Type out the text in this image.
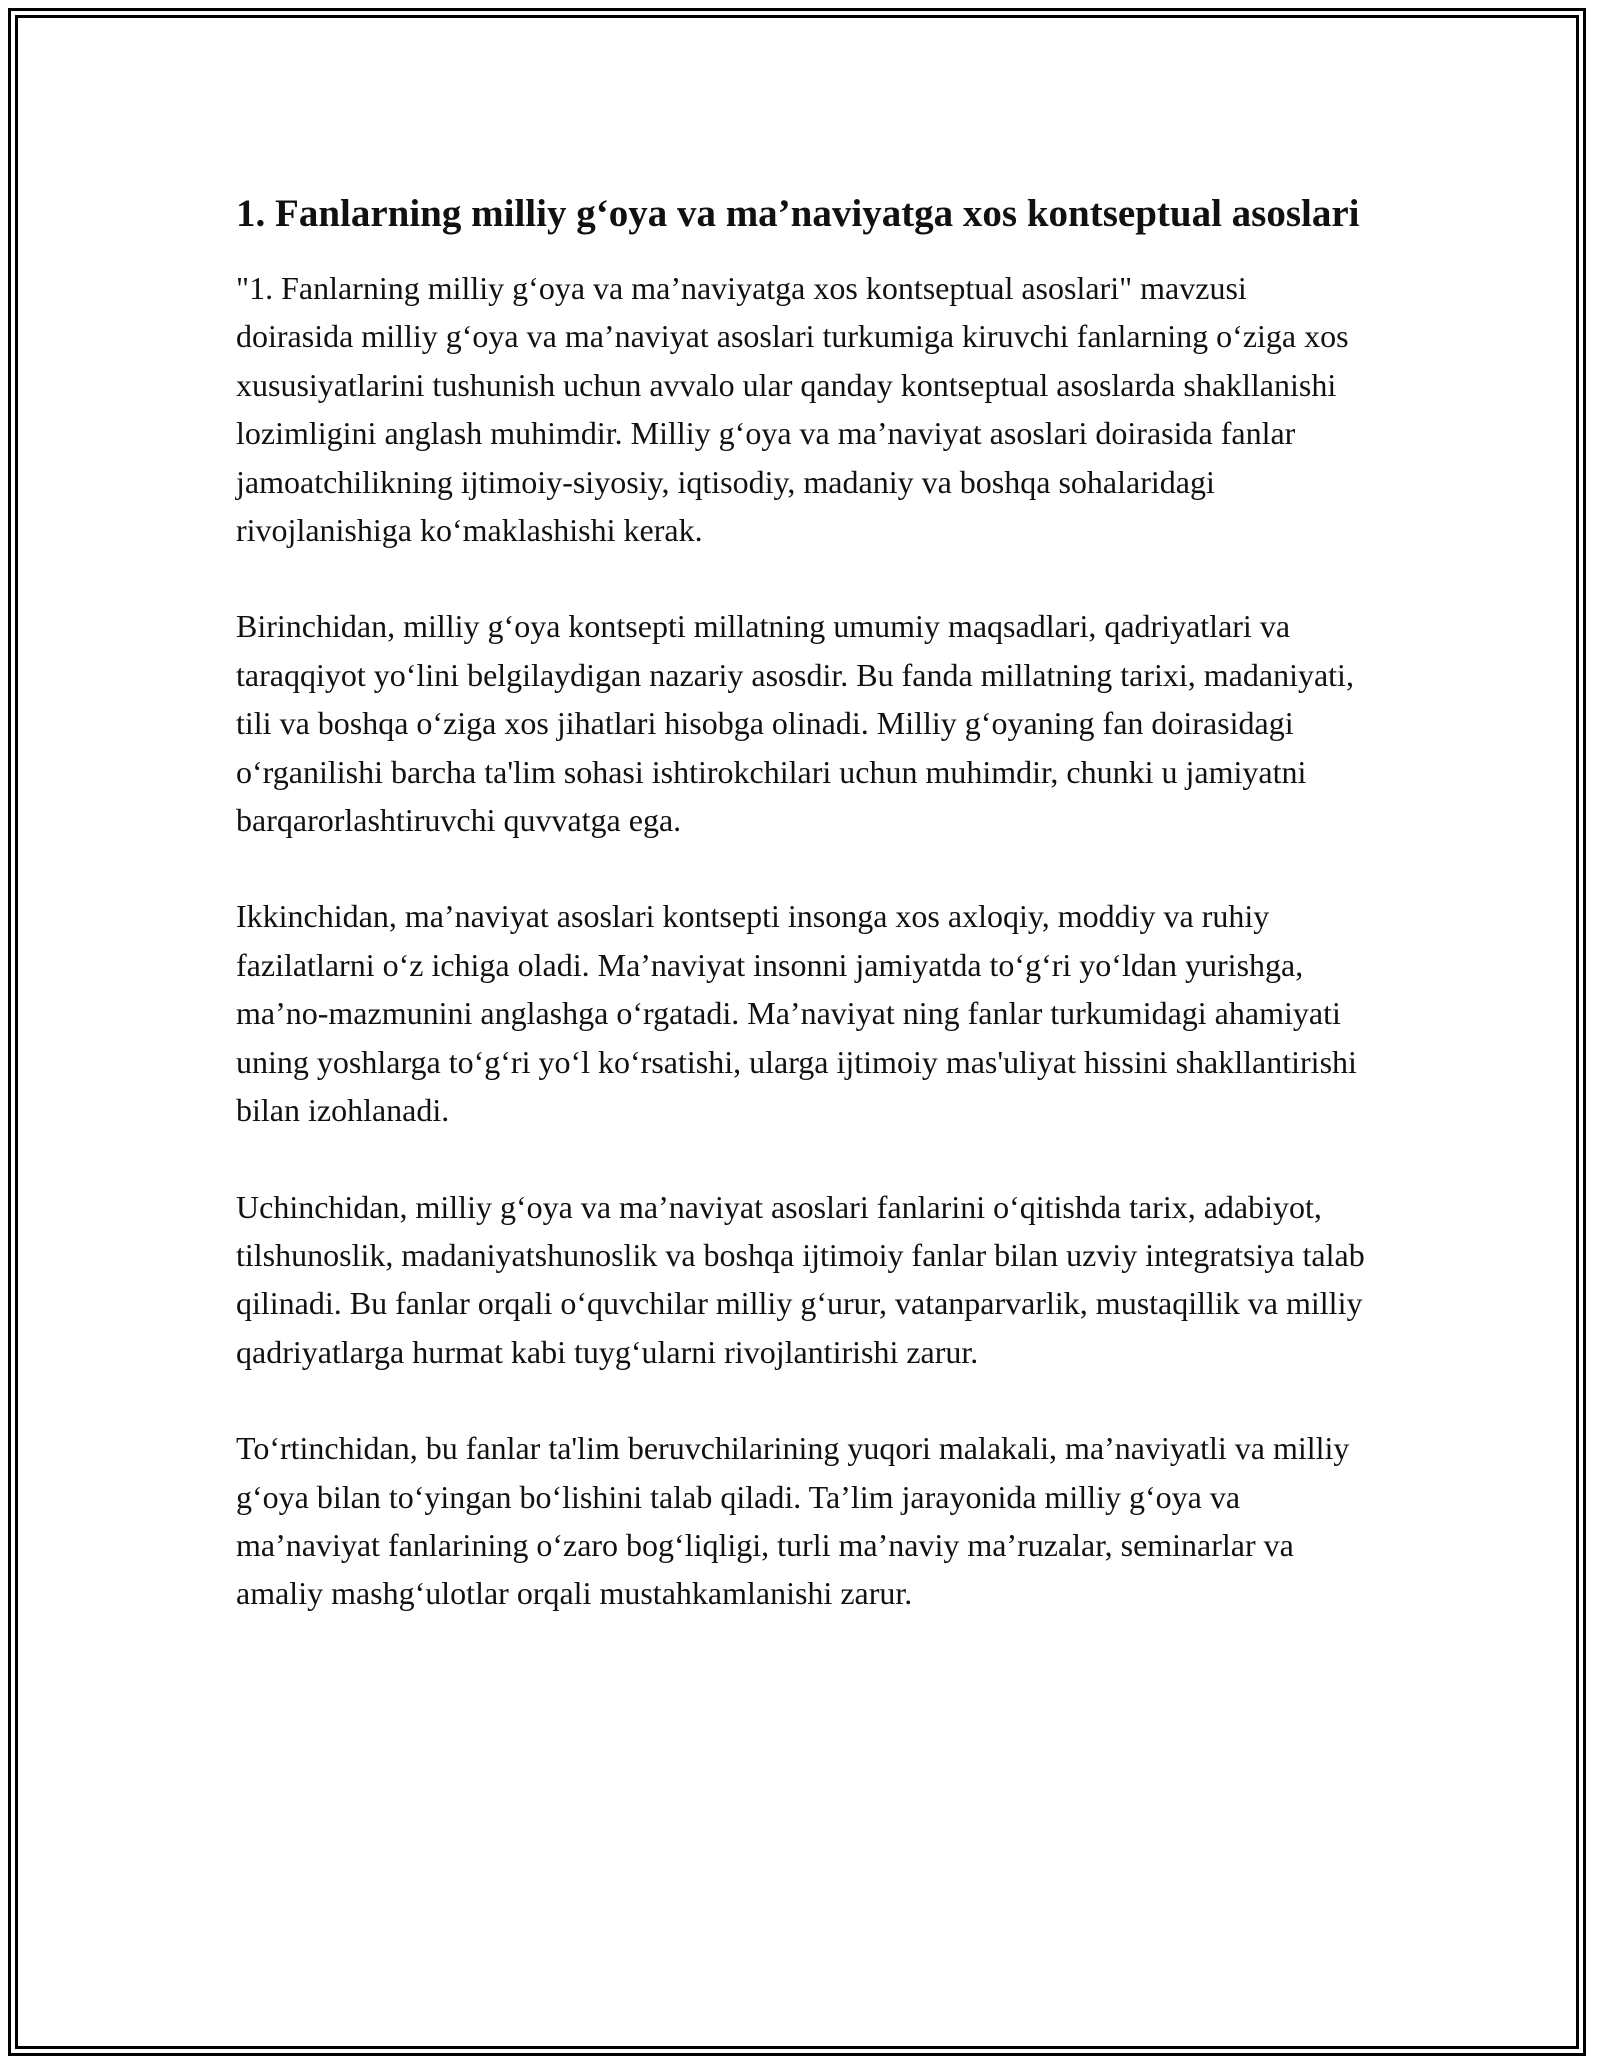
1. Fanlarning milliy g‘oya va ma’naviyatga xos kontseptual asoslari

"1. Fanlarning milliy g‘oya va ma’naviyatga xos kontseptual asoslari" mavzusi doirasida milliy g‘oya va ma’naviyat asoslari turkumiga kiruvchi fanlarning o‘ziga xos xususiyatlarini tushunish uchun avvalo ular qanday kontseptual asoslarda shakllanishi lozimligini anglash muhimdir. Milliy g‘oya va ma’naviyat asoslari doirasida fanlar jamoatchilikning ijtimoiy-siyosiy, iqtisodiy, madaniy va boshqa sohalaridagi rivojlanishiga ko‘maklashishi kerak.

Birinchidan, milliy g‘oya kontsepti millatning umumiy maqsadlari, qadriyatlari va taraqqiyot yo‘lini belgilaydigan nazariy asosdir. Bu fanda millatning tarixi, madaniyati, tili va boshqa o‘ziga xos jihatlari hisobga olinadi. Milliy g‘oyaning fan doirasidagi o‘rganilishi barcha ta'lim sohasi ishtirokchilari uchun muhimdir, chunki u jamiyatni barqarorlashtiruvchi quvvatga ega.

Ikkinchidan, ma’naviyat asoslari kontsepti insonga xos axloqiy, moddiy va ruhiy fazilatlarni o‘z ichiga oladi. Ma’naviyat insonni jamiyatda to‘g‘ri yo‘ldan yurishga, ma’no-mazmunini anglashga o‘rgatadi. Ma’naviyat ning fanlar turkumidagi ahamiyati uning yoshlarga to‘g‘ri yo‘l ko‘rsatishi, ularga ijtimoiy mas'uliyat hissini shakllantirishi bilan izohlanadi.

Uchinchidan, milliy g‘oya va ma’naviyat asoslari fanlarini o‘qitishda tarix, adabiyot, tilshunoslik, madaniyatshunoslik va boshqa ijtimoiy fanlar bilan uzviy integratsiya talab qilinadi. Bu fanlar orqali o‘quvchilar milliy g‘urur, vatanparvarlik, mustaqillik va milliy qadriyatlarga hurmat kabi tuyg‘ularni rivojlantirishi zarur.

To‘rtinchidan, bu fanlar ta'lim beruvchilarining yuqori malakali, ma’naviyatli va milliy g‘oya bilan to‘yingan bo‘lishini talab qiladi. Ta’lim jarayonida milliy g‘oya va ma’naviyat fanlarining o‘zaro bog‘liqligi, turli ma’naviy ma’ruzalar, seminarlar va amaliy mashg‘ulotlar orqali mustahkamlanishi zarur.
